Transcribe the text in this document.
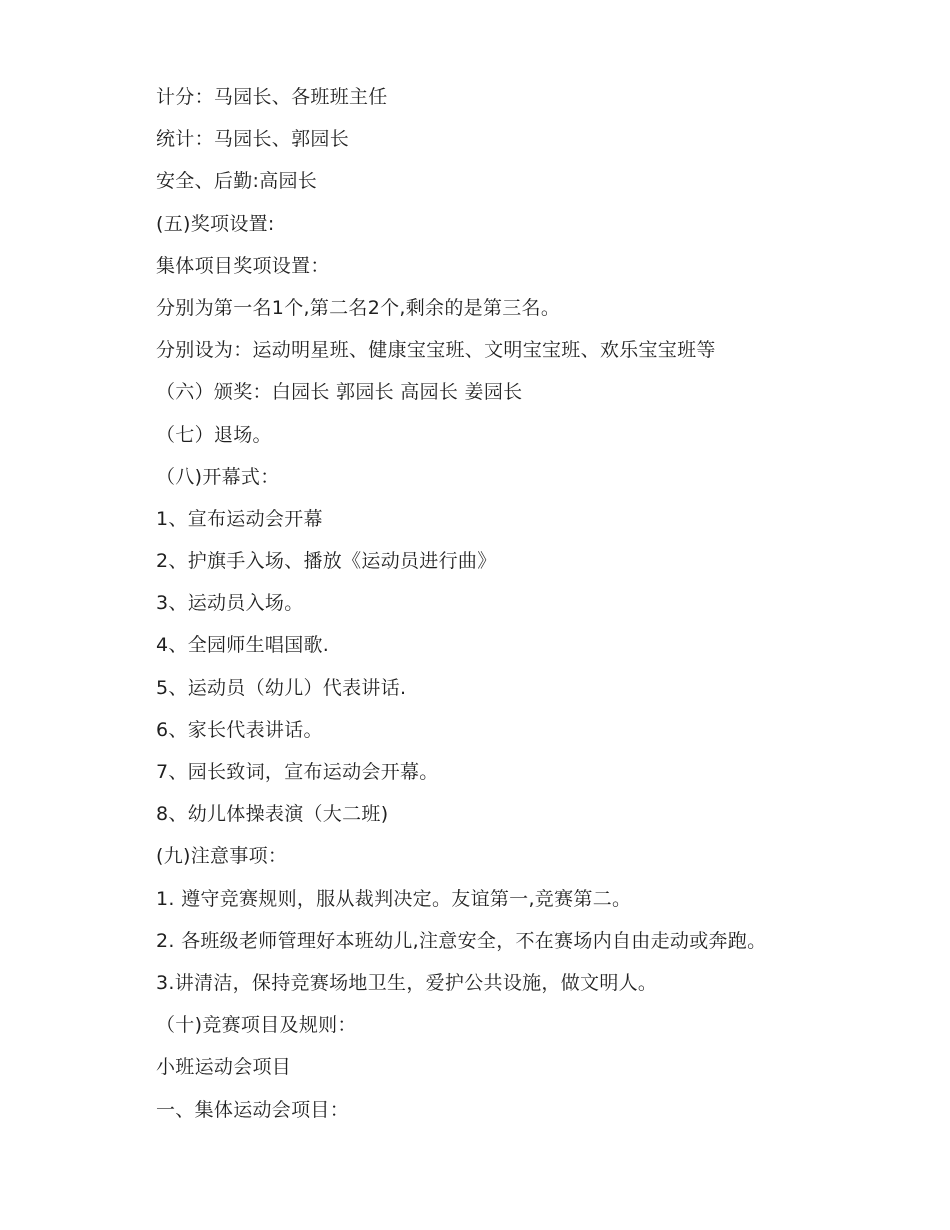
计分：马园长、各班班主任
统计：马园长、郭园长
安全、后勤:高园长
(五)奖项设置:
集体项目奖项设置：
分别为第一名1个,第二名2个,剩余的是第三名。
分别设为：运动明星班、健康宝宝班、文明宝宝班、欢乐宝宝班等
（六）颁奖：白园长 郭园长 高园长 姜园长
（七）退场。
（八)开幕式：
1、宣布运动会开幕
2、护旗手入场、播放《运动员进行曲》
3、运动员入场。
4、全园师生唱国歌.
5、运动员（幼儿）代表讲话.
6、家长代表讲话。
7、园长致词，宣布运动会开幕。
8、幼儿体操表演（大二班)
(九)注意事项：
1. 遵守竞赛规则，服从裁判决定。友谊第一,竞赛第二。
2. 各班级老师管理好本班幼儿,注意安全，不在赛场内自由走动或奔跑。
3.讲清洁，保持竞赛场地卫生，爱护公共设施，做文明人。
（十)竞赛项目及规则：
小班运动会项目
一、集体运动会项目：
